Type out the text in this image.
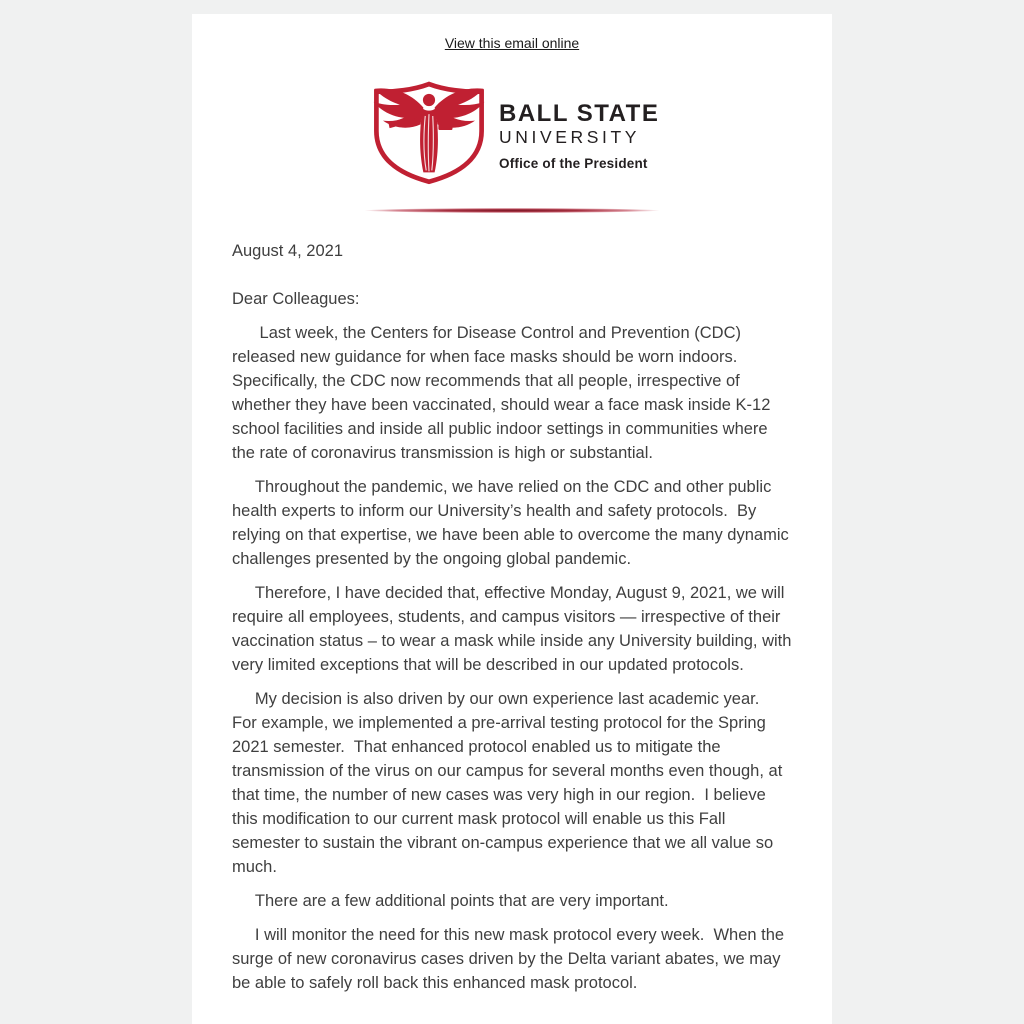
View this email online
BALL STATE
UNIVERSITY
Office of the President

August 4, 2021

Dear Colleagues:

Last week, the Centers for Disease Control and Prevention (CDC) released new guidance for when face masks should be worn indoors.  Specifically, the CDC now recommends that all people, irrespective of whether they have been vaccinated, should wear a face mask inside K-12 school facilities and inside all public indoor settings in communities where the rate of coronavirus transmission is high or substantial.

Throughout the pandemic, we have relied on the CDC and other public health experts to inform our University’s health and safety protocols.  By relying on that expertise, we have been able to overcome the many dynamic challenges presented by the ongoing global pandemic.

Therefore, I have decided that, effective Monday, August 9, 2021, we will require all employees, students, and campus visitors — irrespective of their vaccination status – to wear a mask while inside any University building, with very limited exceptions that will be described in our updated protocols.

My decision is also driven by our own experience last academic year.  For example, we implemented a pre-arrival testing protocol for the Spring 2021 semester.  That enhanced protocol enabled us to mitigate the transmission of the virus on our campus for several months even though, at that time, the number of new cases was very high in our region.  I believe this modification to our current mask protocol will enable us this Fall semester to sustain the vibrant on-campus experience that we all value so much.

There are a few additional points that are very important.

I will monitor the need for this new mask protocol every week.  When the surge of new coronavirus cases driven by the Delta variant abates, we may be able to safely roll back this enhanced mask protocol.
